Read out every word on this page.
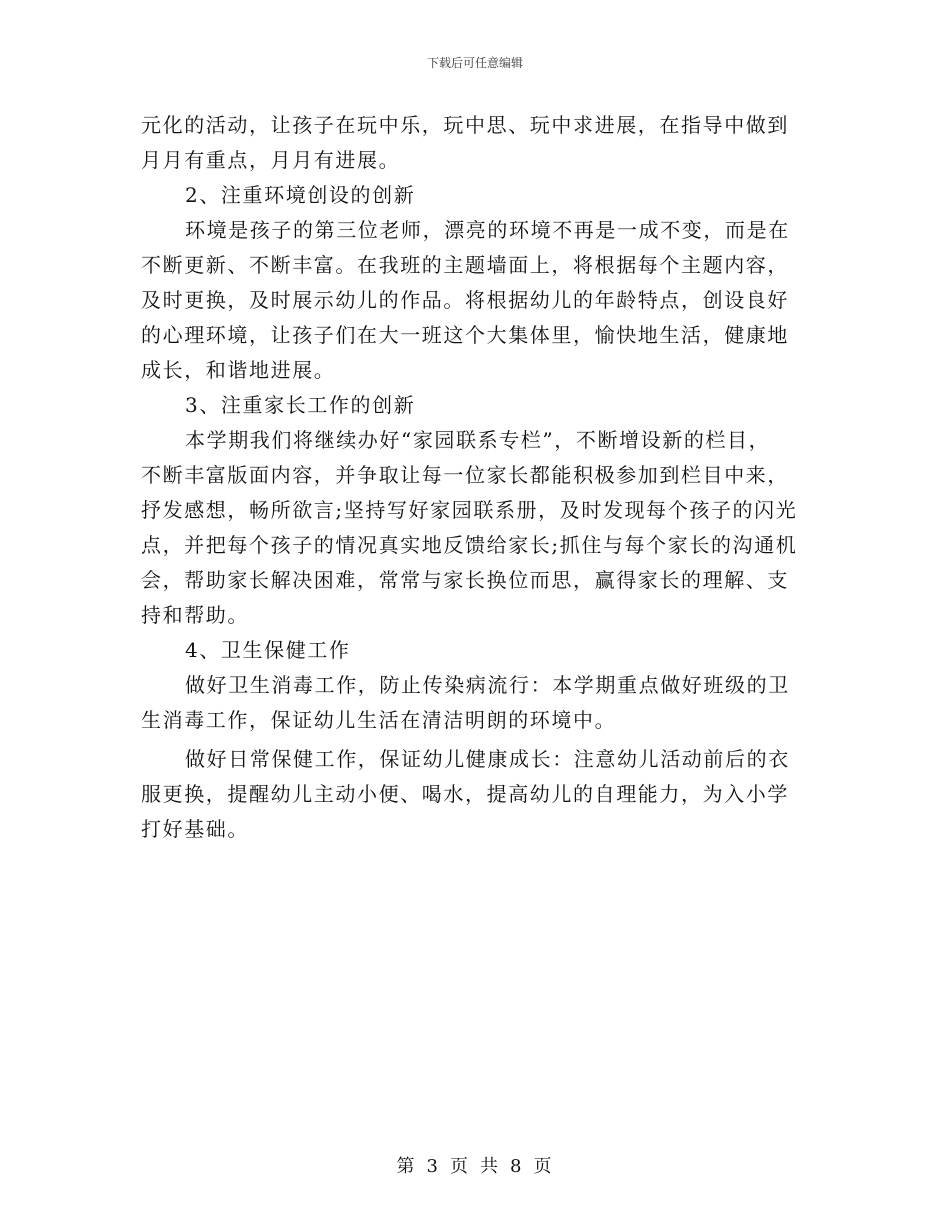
下载后可任意编辑
元化的活动，让孩子在玩中乐，玩中思、玩中求进展，在指导中做到
月月有重点，月月有进展。
2、注重环境创设的创新
环境是孩子的第三位老师，漂亮的环境不再是一成不变，而是在
不断更新、不断丰富。在我班的主题墙面上，将根据每个主题内容，
及时更换，及时展示幼儿的作品。将根据幼儿的年龄特点，创设良好
的心理环境，让孩子们在大一班这个大集体里，愉快地生活，健康地
成长，和谐地进展。
3、注重家长工作的创新
本学期我们将继续办好“家园联系专栏”，不断增设新的栏目，
不断丰富版面内容，并争取让每一位家长都能积极参加到栏目中来，
抒发感想，畅所欲言;坚持写好家园联系册，及时发现每个孩子的闪光
点，并把每个孩子的情况真实地反馈给家长;抓住与每个家长的沟通机
会，帮助家长解决困难，常常与家长换位而思，赢得家长的理解、支
持和帮助。
4、卫生保健工作
做好卫生消毒工作，防止传染病流行：本学期重点做好班级的卫
生消毒工作，保证幼儿生活在清洁明朗的环境中。
做好日常保健工作，保证幼儿健康成长：注意幼儿活动前后的衣
服更换，提醒幼儿主动小便、喝水，提高幼儿的自理能力，为入小学
打好基础。
第 3 页 共 8 页
